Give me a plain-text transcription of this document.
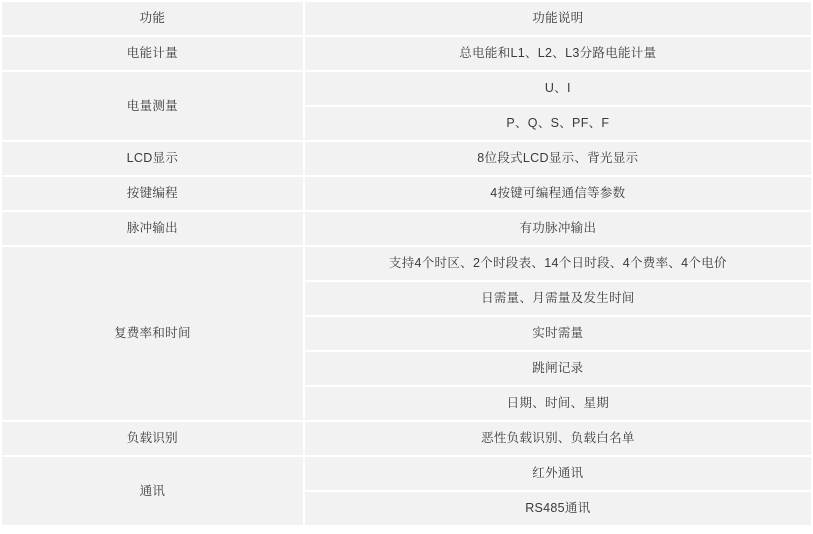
功能	功能说明

电能计量	总电能和L1、L2、L3分路电能计量

电量测量	U、I

	P、Q、S、PF、F

LCD显示	8位段式LCD显示、背光显示

按键编程	4按键可编程通信等参数

脉冲输出	有功脉冲输出

复费率和时间	支持4个时区、2个时段表、14个日时段、4个费率、4个电价

	日需量、月需量及发生时间

	实时需量

	跳闸记录

	日期、时间、星期

负载识别	恶性负载识别、负载白名单

通讯	红外通讯

	RS485通讯
